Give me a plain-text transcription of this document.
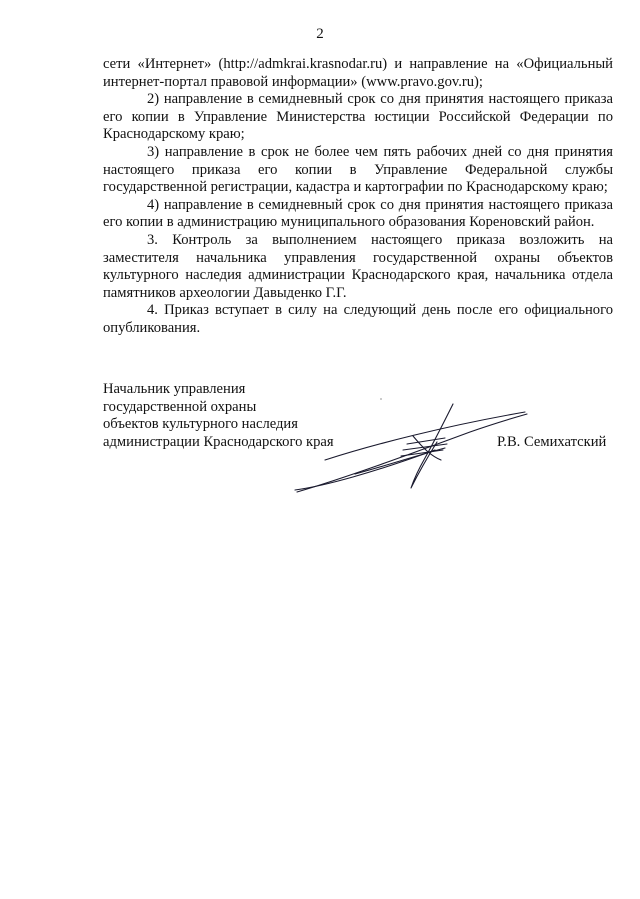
2

сети «Интернет» (http://admkrai.krasnodar.ru) и направление на «Официальный интернет-портал правовой информации» (www.pravo.gov.ru);

2) направление в семидневный срок со дня принятия настоящего приказа его копии в Управление Министерства юстиции Российской Федерации по Краснодарскому краю;

3) направление в срок не более чем пять рабочих дней со дня принятия настоящего приказа его копии в Управление Федеральной службы государственной регистрации, кадастра и картографии по Краснодарскому краю;

4) направление в семидневный срок со дня принятия настоящего приказа его копии в администрацию муниципального образования Кореновский район.

3. Контроль за выполнением настоящего приказа возложить на заместителя начальника управления государственной охраны объектов культурного наследия администрации Краснодарского края, начальника отдела памятников археологии Давыденко Г.Г.

4. Приказ вступает в силу на следующий день после его официального опубликования.

Начальник управления
государственной охраны
объектов культурного наследия
администрации Краснодарского края	Р.В. Семихатский
